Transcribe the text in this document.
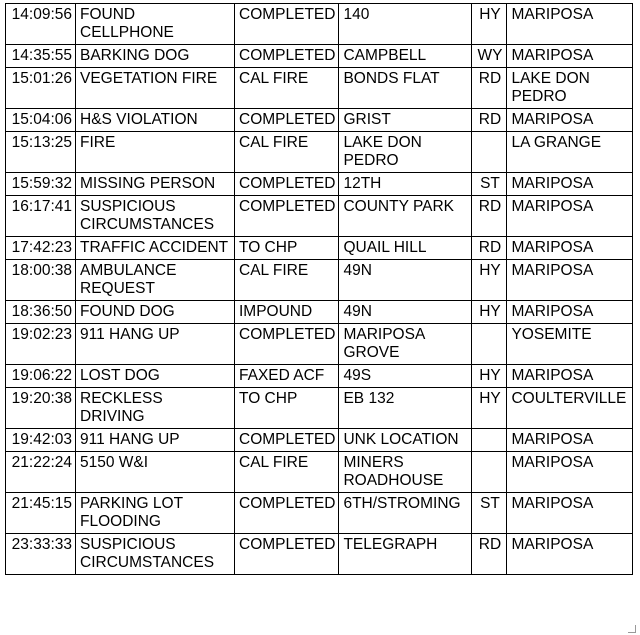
14:09:56	FOUND CELLPHONE	COMPLETED	140	HY	MARIPOSA
14:35:55	BARKING DOG	COMPLETED	CAMPBELL	WY	MARIPOSA
15:01:26	VEGETATION FIRE	CAL FIRE	BONDS FLAT	RD	LAKE DON PEDRO
15:04:06	H&S VIOLATION	COMPLETED	GRIST	RD	MARIPOSA
15:13:25	FIRE	CAL FIRE	LAKE DON PEDRO		LA GRANGE
15:59:32	MISSING PERSON	COMPLETED	12TH	ST	MARIPOSA
16:17:41	SUSPICIOUS CIRCUMSTANCES	COMPLETED	COUNTY PARK	RD	MARIPOSA
17:42:23	TRAFFIC ACCIDENT	TO CHP	QUAIL HILL	RD	MARIPOSA
18:00:38	AMBULANCE REQUEST	CAL FIRE	49N	HY	MARIPOSA
18:36:50	FOUND DOG	IMPOUND	49N	HY	MARIPOSA
19:02:23	911 HANG UP	COMPLETED	MARIPOSA GROVE		YOSEMITE
19:06:22	LOST DOG	FAXED ACF	49S	HY	MARIPOSA
19:20:38	RECKLESS DRIVING	TO CHP	EB 132	HY	COULTERVILLE
19:42:03	911 HANG UP	COMPLETED	UNK LOCATION		MARIPOSA
21:22:24	5150 W&I	CAL FIRE	MINERS ROADHOUSE		MARIPOSA
21:45:15	PARKING LOT FLOODING	COMPLETED	6TH/STROMING	ST	MARIPOSA
23:33:33	SUSPICIOUS CIRCUMSTANCES	COMPLETED	TELEGRAPH	RD	MARIPOSA
